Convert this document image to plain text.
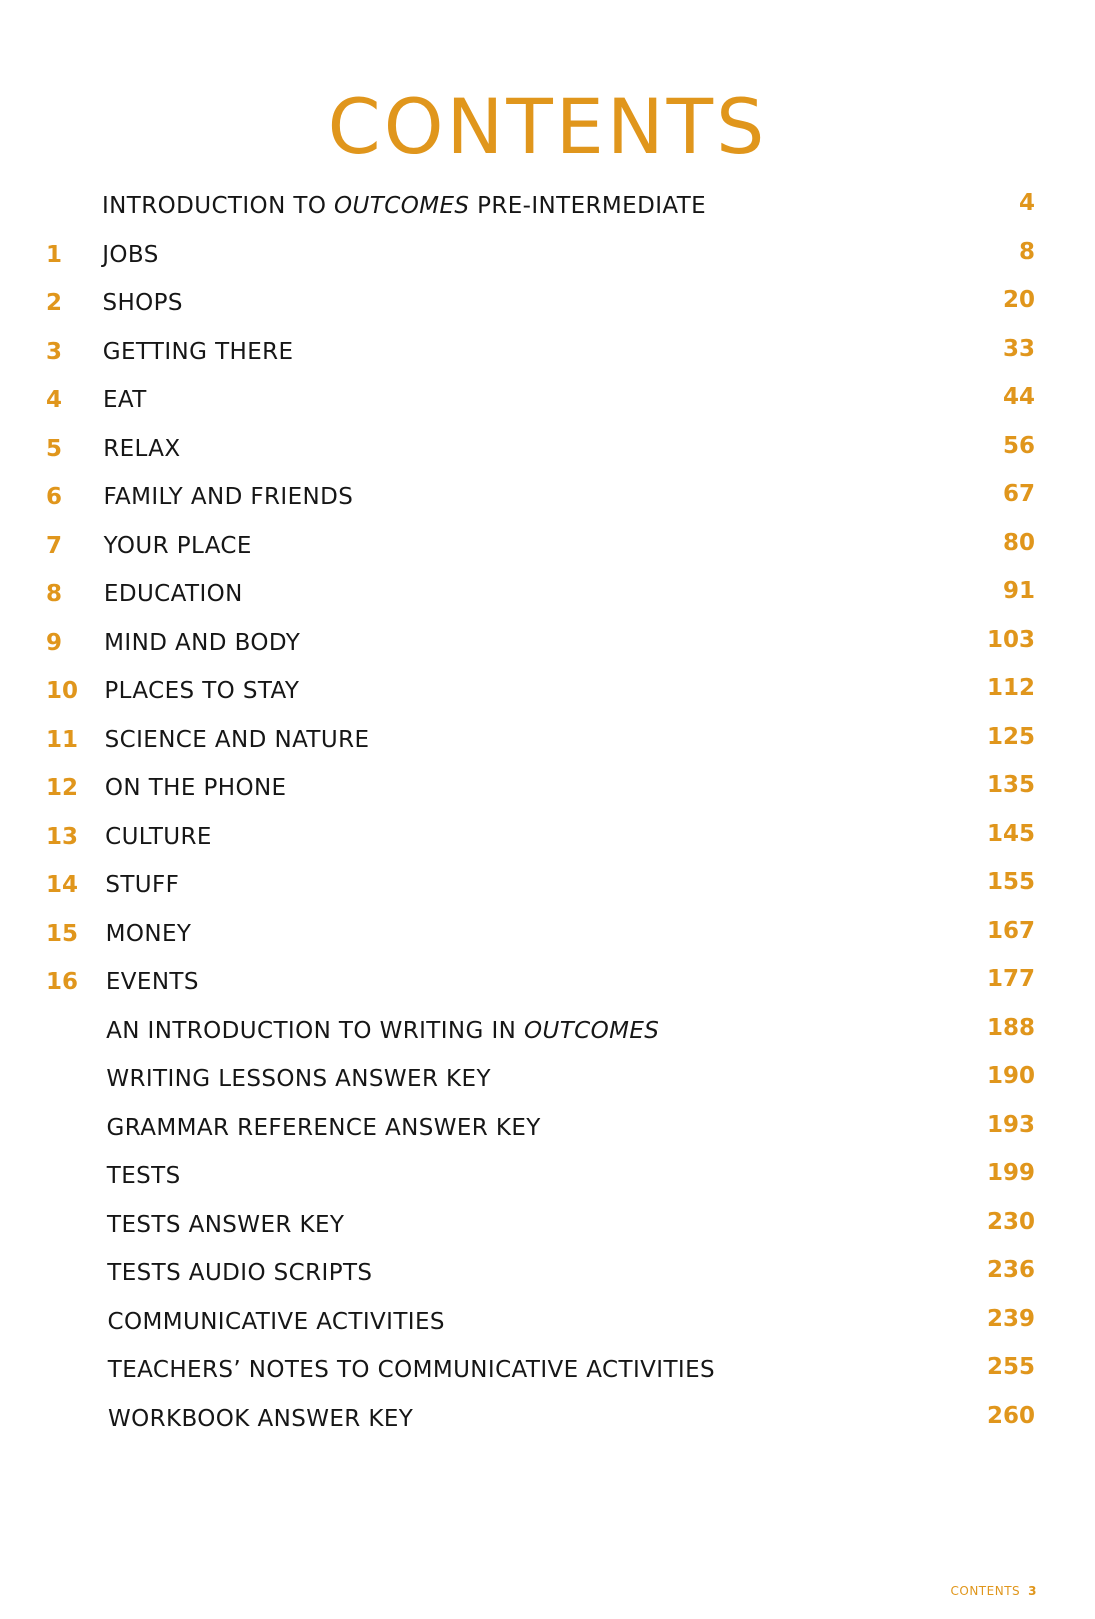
CONTENTS
INTRODUCTION TO OUTCOMES PRE-INTERMEDIATE	4
1 JOBS	8
2 SHOPS	20
3 GETTING THERE	33
4 EAT	44
5 RELAX	56
6 FAMILY AND FRIENDS	67
7 YOUR PLACE	80
8 EDUCATION	91
9 MIND AND BODY	103
10 PLACES TO STAY	112
11 SCIENCE AND NATURE	125
12 ON THE PHONE	135
13 CULTURE	145
14 STUFF	155
15 MONEY	167
16 EVENTS	177
AN INTRODUCTION TO WRITING IN OUTCOMES	188
WRITING LESSONS ANSWER KEY	190
GRAMMAR REFERENCE ANSWER KEY	193
TESTS	199
TESTS ANSWER KEY	230
TESTS AUDIO SCRIPTS	236
COMMUNICATIVE ACTIVITIES	239
TEACHERS’ NOTES TO COMMUNICATIVE ACTIVITIES	255
WORKBOOK ANSWER KEY	260
CONTENTS 3
